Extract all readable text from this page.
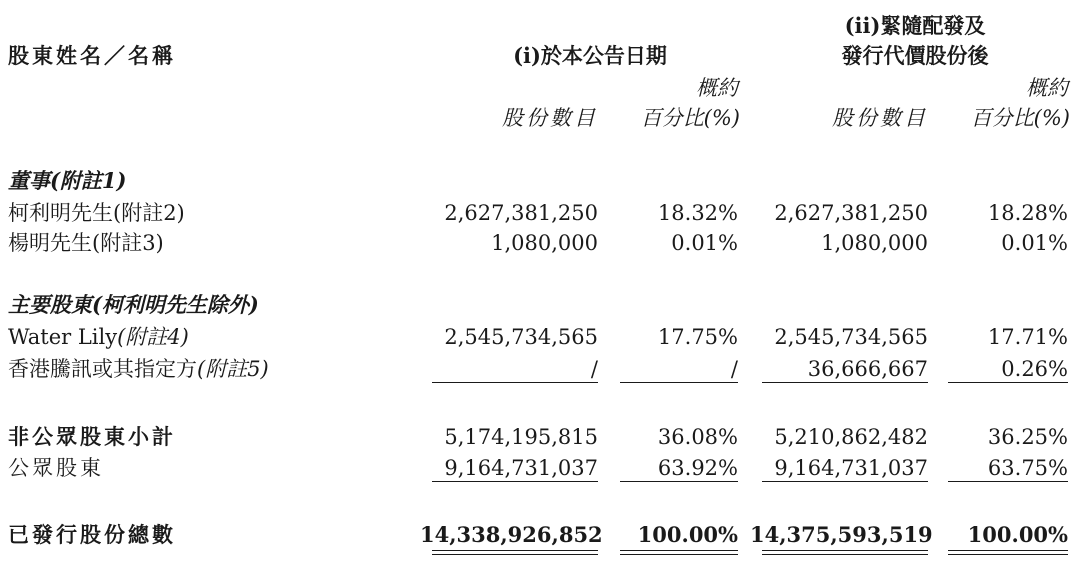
股東姓名／名稱	(i)於本公告日期
(ii)緊隨配發及
發行代價股份後
概約	概約
股份數目	百分比(%)	股份數目	百分比(%)
董事(附註1)
柯利明先生(附註2)	2,627,381,250	18.32%	2,627,381,250	18.28%
楊明先生(附註3)	1,080,000	0.01%	1,080,000	0.01%
主要股東(柯利明先生除外)
Water Lily(附註4)	2,545,734,565	17.75%	2,545,734,565	17.71%
香港騰訊或其指定方(附註5)	/	/	36,666,667	0.26%
非公眾股東小計	5,174,195,815	36.08%	5,210,862,482	36.25%
公眾股東	9,164,731,037	63.92%	9,164,731,037	63.75%
已發行股份總數	14,338,926,852	100.00% 14,375,593,519	100.00%
